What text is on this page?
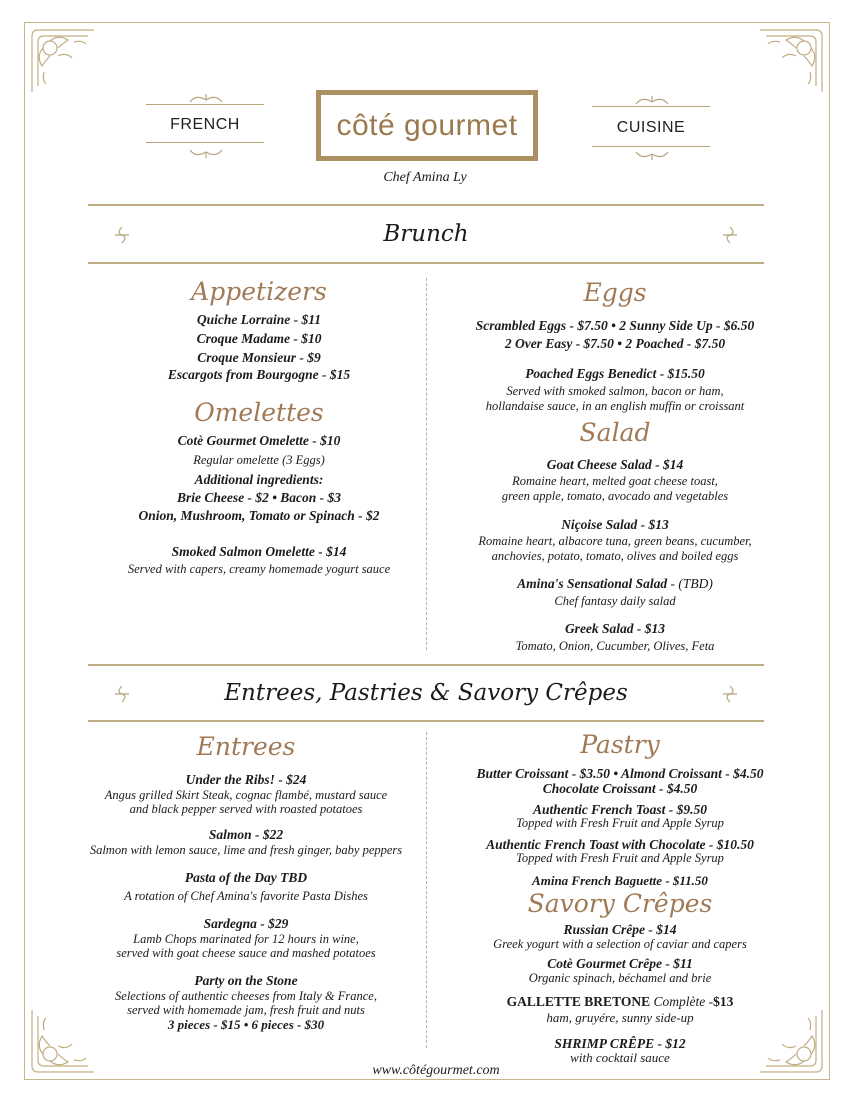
FRENCH	côté gourmet	CUISINE
Chef Amina Ly
Brunch
Appetizers
Quiche Lorraine - $11
Croque Madame - $10
Croque Monsieur - $9
Escargots from Bourgogne - $15
Omelettes
Cotè Gourmet Omelette - $10
Regular omelette (3 Eggs)
Additional ingredients:
Brie Cheese - $2 • Bacon - $3
Onion, Mushroom, Tomato or Spinach - $2
Smoked Salmon Omelette - $14
Served with capers, creamy homemade yogurt sauce
Eggs
Scrambled Eggs - $7.50 • 2 Sunny Side Up - $6.50
2 Over Easy - $7.50 • 2 Poached - $7.50
Poached Eggs Benedict - $15.50
Served with smoked salmon, bacon or ham,
hollandaise sauce, in an english muffin or croissant
Salad
Goat Cheese Salad - $14
Romaine heart, melted goat cheese toast,
green apple, tomato, avocado and vegetables
Niçoise Salad - $13
Romaine heart, albacore tuna, green beans, cucumber,
anchovies, potato, tomato, olives and boiled eggs
Amina's Sensational Salad - (TBD)
Chef fantasy daily salad
Greek Salad - $13
Tomato, Onion, Cucumber, Olives, Feta
Entrees, Pastries & Savory Crêpes
Entrees
Under the Ribs! - $24
Angus grilled Skirt Steak, cognac flambé, mustard sauce
and black pepper served with roasted potatoes
Salmon - $22
Salmon with lemon sauce, lime and fresh ginger, baby peppers
Pasta of the Day TBD
A rotation of Chef Amina's favorite Pasta Dishes
Sardegna - $29
Lamb Chops marinated for 12 hours in wine,
served with goat cheese sauce and mashed potatoes
Party on the Stone
Selections of authentic cheeses from Italy & France,
served with homemade jam, fresh fruit and nuts
3 pieces - $15 • 6 pieces - $30
Pastry
Butter Croissant - $3.50 • Almond Croissant - $4.50
Chocolate Croissant - $4.50
Authentic French Toast - $9.50
Topped with Fresh Fruit and Apple Syrup
Authentic French Toast with Chocolate - $10.50
Topped with Fresh Fruit and Apple Syrup
Amina French Baguette - $11.50
Savory Crêpes
Russian Crêpe - $14
Greek yogurt with a selection of caviar and capers
Cotè Gourmet Crêpe - $11
Organic spinach, béchamel and brie
GALLETTE BRETONE Complète -$13
ham, gruyére, sunny side-up
SHRIMP CRÊPE - $12
with cocktail sauce
www.côtégourmet.com
